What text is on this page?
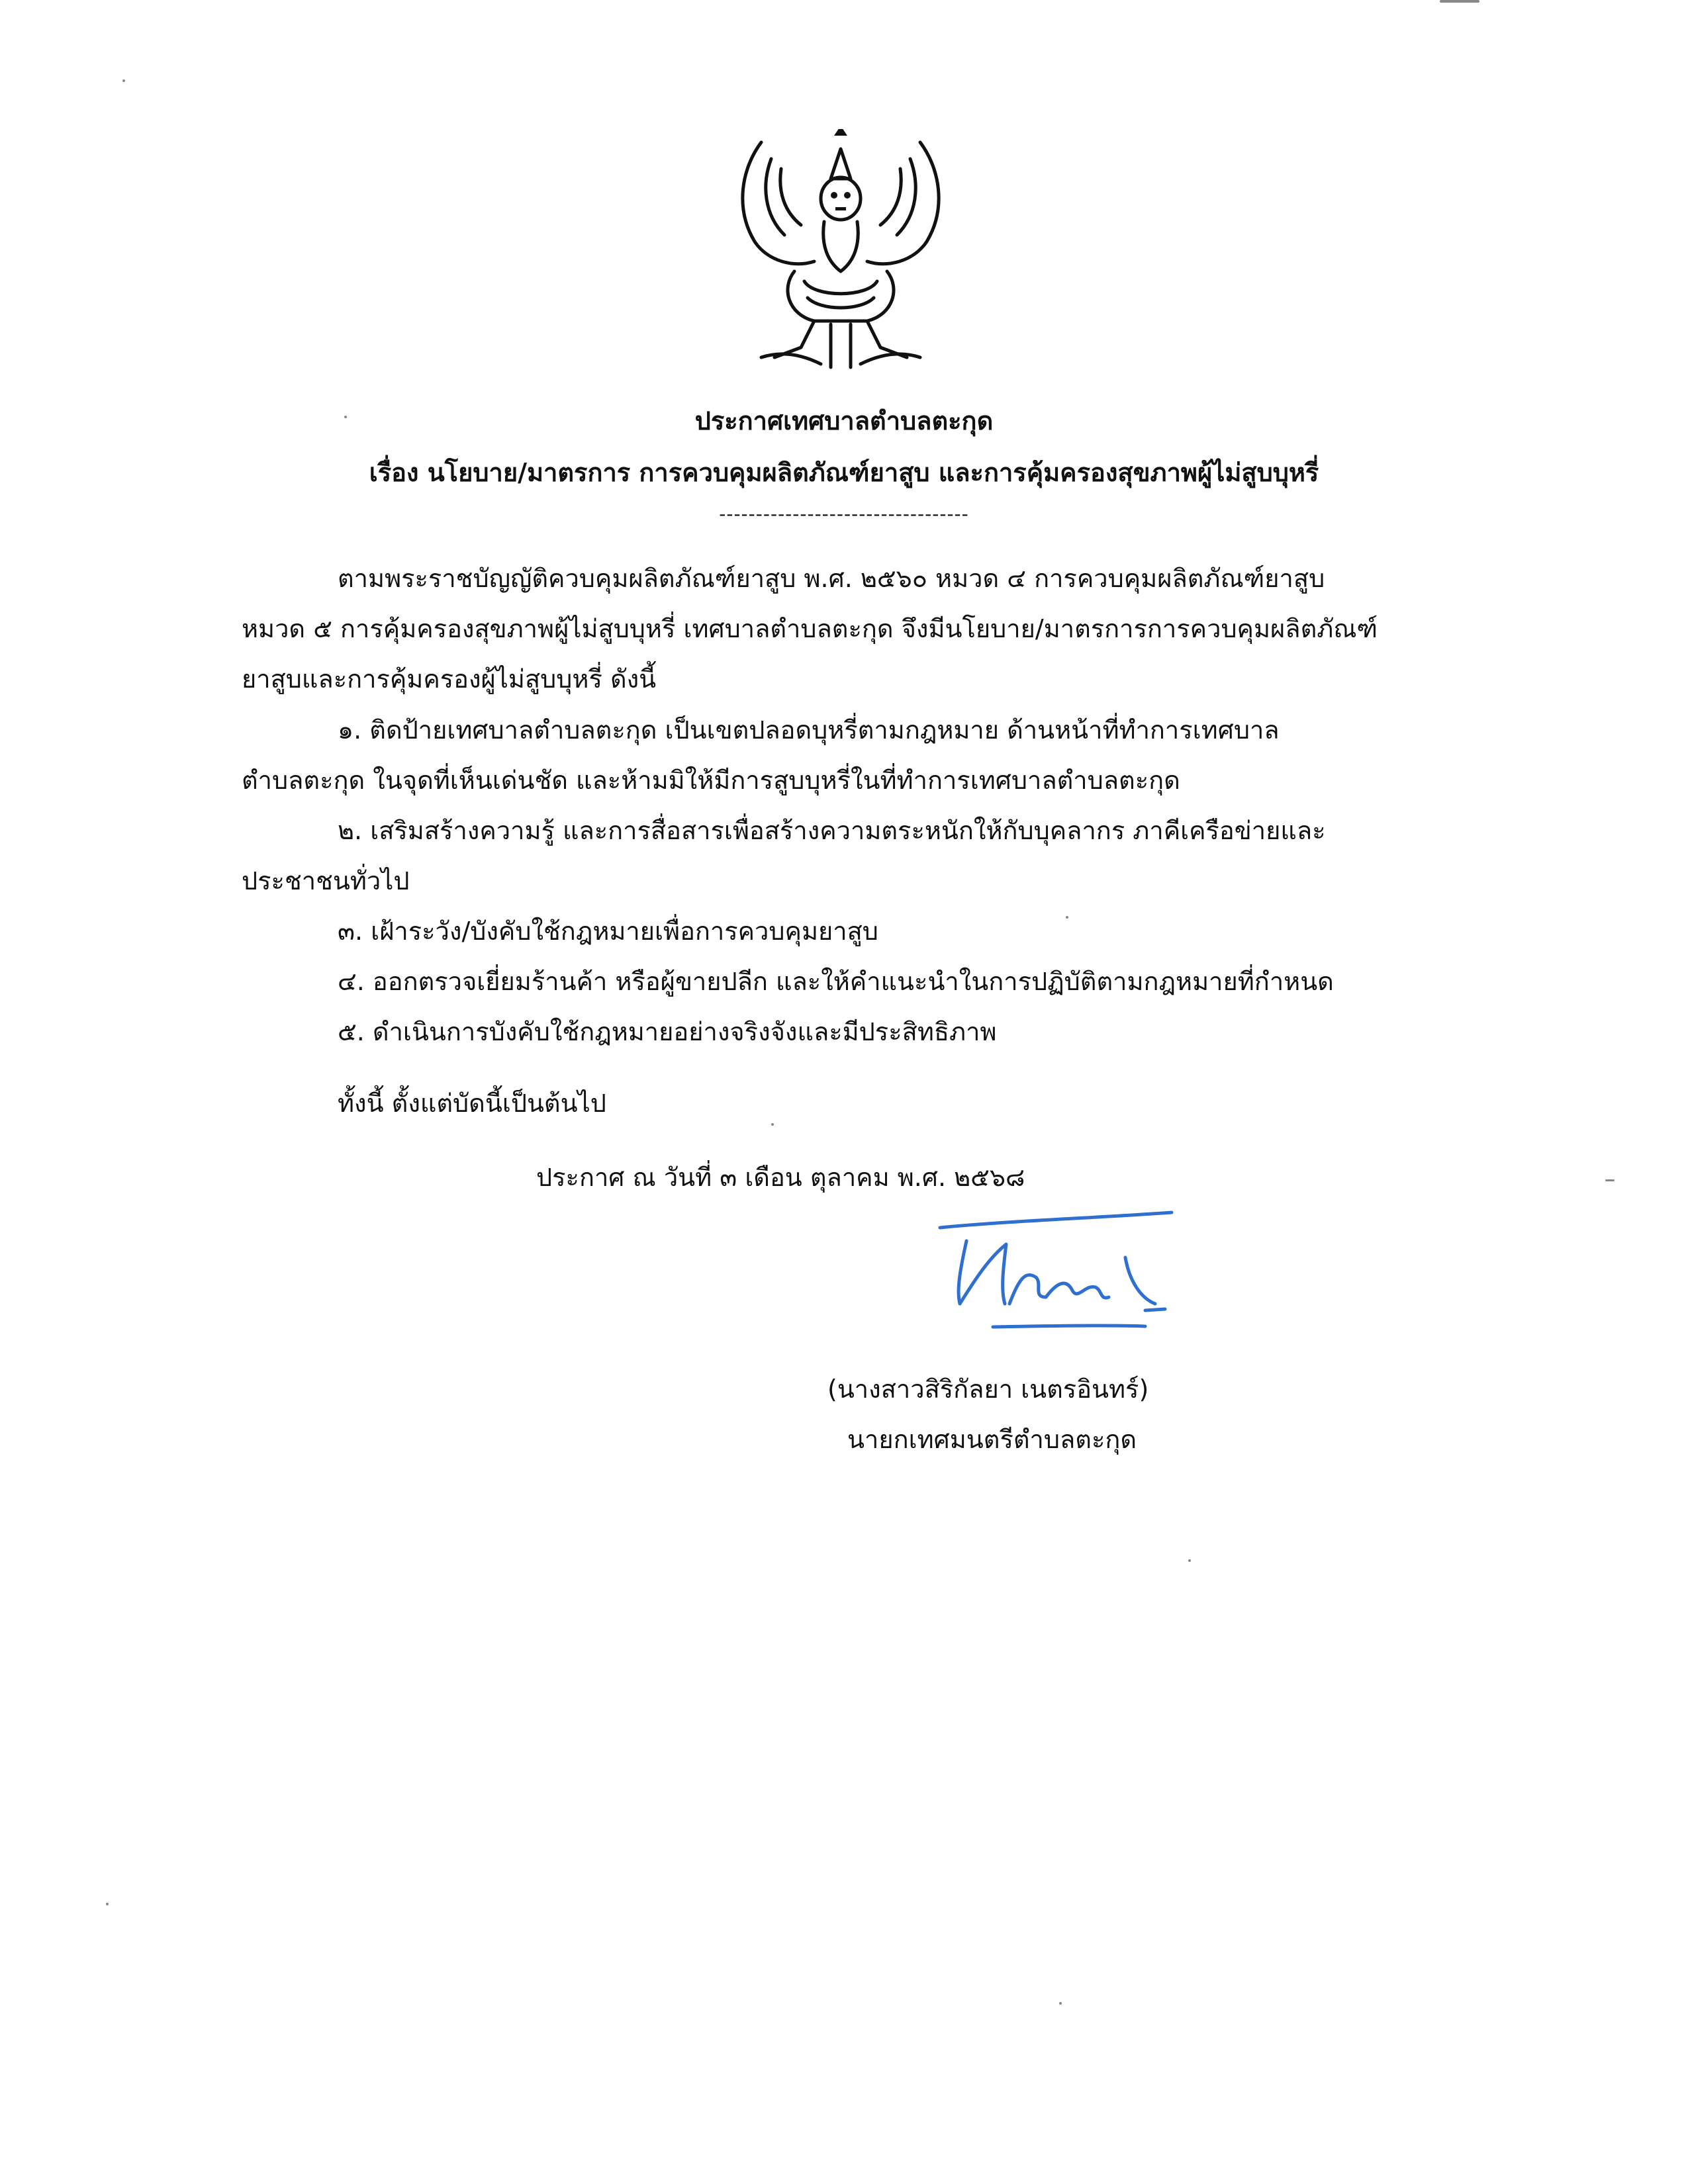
ประกาศเทศบาลตำบลตะกุด
เรื่อง นโยบาย/มาตรการ การควบคุมผลิตภัณฑ์ยาสูบ และการคุ้มครองสุขภาพผู้ไม่สูบบุหรี่
----------------------------------
ตามพระราชบัญญัติควบคุมผลิตภัณฑ์ยาสูบ พ.ศ. ๒๕๖๐ หมวด ๔ การควบคุมผลิตภัณฑ์ยาสูบ
หมวด ๕ การคุ้มครองสุขภาพผู้ไม่สูบบุหรี่ เทศบาลตำบลตะกุด จึงมีนโยบาย/มาตรการการควบคุมผลิตภัณฑ์
ยาสูบและการคุ้มครองผู้ไม่สูบบุหรี่ ดังนี้
๑. ติดป้ายเทศบาลตำบลตะกุด เป็นเขตปลอดบุหรี่ตามกฎหมาย ด้านหน้าที่ทำการเทศบาล
ตำบลตะกุด ในจุดที่เห็นเด่นชัด และห้ามมิให้มีการสูบบุหรี่ในที่ทำการเทศบาลตำบลตะกุด
๒. เสริมสร้างความรู้ และการสื่อสารเพื่อสร้างความตระหนักให้กับบุคลากร ภาคีเครือข่ายและ
ประชาชนทั่วไป
๓. เฝ้าระวัง/บังคับใช้กฎหมายเพื่อการควบคุมยาสูบ
๔. ออกตรวจเยี่ยมร้านค้า หรือผู้ขายปลีก และให้คำแนะนำในการปฏิบัติตามกฎหมายที่กำหนด
๕. ดำเนินการบังคับใช้กฎหมายอย่างจริงจังและมีประสิทธิภาพ
ทั้งนี้ ตั้งแต่บัดนี้เป็นต้นไป
ประกาศ ณ วันที่ ๓ เดือน ตุลาคม พ.ศ. ๒๕๖๘
(นางสาวสิริกัลยา เนตรอินทร์)
นายกเทศมนตรีตำบลตะกุด
